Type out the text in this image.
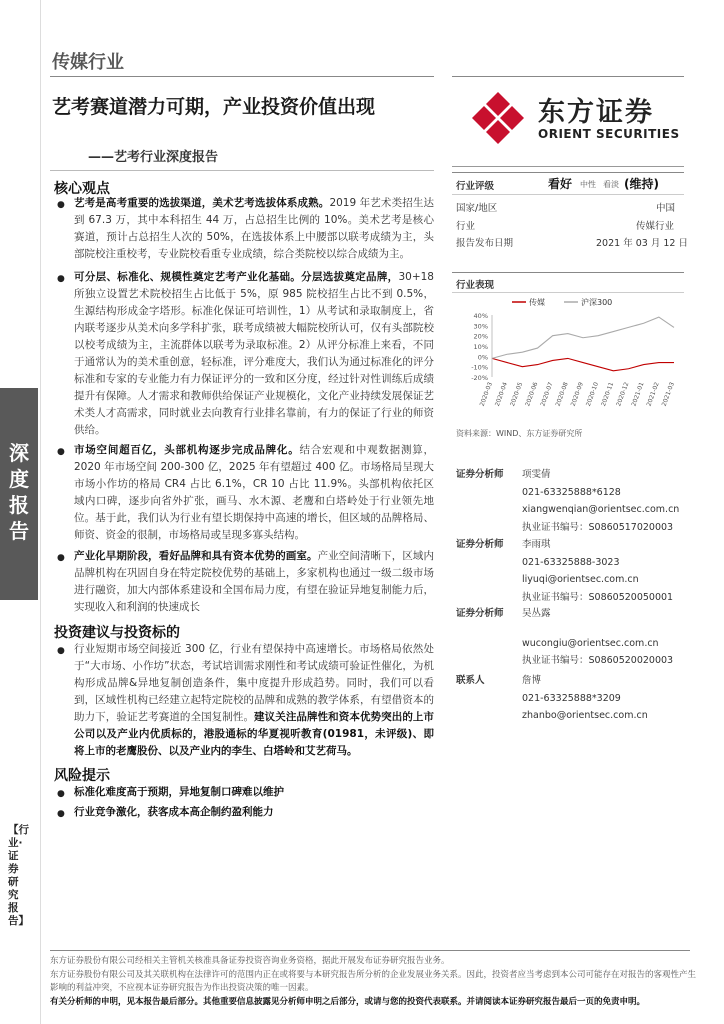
传媒行业
艺考赛道潜力可期，产业投资价值出现
——艺考行业深度报告
东方证券
ORIENT SECURITIES
深度报告
【行业·证券研究报告】
核心观点
● 艺考是高考重要的选拔渠道，美术艺考选拔体系成熟。2019 年艺术类招生达到 67.3 万，其中本科招生 44 万，占总招生比例的 10%。美术艺考是核心赛道，预计占总招生人次的 50%，在选拔体系上中腰部以联考成绩为主，头部院校注重校考，专业院校看重专业成绩，综合类院校以综合成绩为主。
● 可分层、标准化、规模性奠定艺考产业化基础。分层选拔奠定品牌，30+18 所独立设置艺术院校招生占比低于 5%，原 985 院校招生占比不到 0.5%，生源结构形成金字塔形。标准化保证可培训性，1）从考试和录取制度上，省内联考逐步从美术向多学科扩张，联考成绩被大幅院校所认可，仅有头部院校以校考成绩为主，主流群体以联考为录取标准。2）从评分标准上来看，不同于通常认为的美术重创意，轻标准，评分难度大，我们认为通过标准化的评分标准和专家的专业能力有力保证评分的一致和区分度，经过针对性训练后成绩提升有保障。人才需求和教师供给保证产业规模化，文化产业持续发展保证艺术类人才高需求，同时就业去向教育行业排名靠前，有力的保证了行业的师资供给。
● 市场空间超百亿，头部机构逐步完成品牌化。结合宏观和中观数据测算，2020 年市场空间 200-300 亿，2025 年有望超过 400 亿。市场格局呈现大市场小作坊的格局 CR4 占比 6.1%，CR 10 占比 11.9%。头部机构依托区域内口碑，逐步向省外扩张，画马、水木源、老鹰和白塔岭处于行业领先地位。基于此，我们认为行业有望长期保持中高速的增长，但区域的品牌格局、师资、资金的很制，市场格局或呈现多寡头结构。
● 产业化早期阶段，看好品牌和具有资本优势的画室。产业空间清晰下，区域内品牌机构在巩固自身在特定院校优势的基础上，多家机构也通过一级二级市场进行融资，加大内部体系建设和全国布局力度，有望在验证异地复制能力后，实现收入和利润的快速成长
投资建议与投资标的
● 行业短期市场空间接近 300 亿，行业有望保持中高速增长。市场格局依然处于“大市场、小作坊”状态，考试培训需求刚性和考试成绩可验证性催化，为机构形成品牌&异地复制创造条件，集中度提升形成趋势。同时，我们可以看到，区域性机构已经建立起特定院校的品牌和成熟的教学体系，有望借资本的助力下，验证艺考赛道的全国复制性。建议关注品牌性和资本优势突出的上市公司以及产业内优质标的，港股通标的华夏视听教育(01981，未评级)、即将上市的老鹰股份、以及产业内的李生、白塔岭和艾艺荷马。
风险提示
● 标准化难度高于预期，异地复制口碑难以维护
● 行业竞争激化，获客成本高企制约盈利能力
行业评级	看好 中性 看淡 (维持)
国家/地区	中国
行业	传媒行业
报告发布日期	2021 年 03 月 12 日
行业表现
传媒	沪深300
40%
30%
20%
10%
0%
-10%
-20%
2020-03 2020-04 2020-05 2020-06 2020-07 2020-08 2020-09 2020-10 2020-11 2020-12 2021-01 2021-02 2021-03
资料来源：WIND、东方证券研究所
证券分析师 项雯倩
021-63325888*6128
xiangwenqian@orientsec.com.cn
执业证书编号：S0860517020003
证券分析师 李雨琪
021-63325888-3023
liyuqi@orientsec.com.cn
执业证书编号：S0860520050001
证券分析师 吴丛露
wucongiu@orientsec.com.cn
执业证书编号：S0860520020003
联系人	詹博
021-63325888*3209
zhanbo@orientsec.com.cn
东方证券股份有限公司经相关主管机关核准具备证券投资咨询业务资格，据此开展发布证券研究报告业务。
东方证券股份有限公司及其关联机构在法律许可的范围内正在或将要与本研究报告所分析的企业发展业务关系。因此，投资者应当考虑到本公司可能存在对报告的客观性产生影响的利益冲突，不应视本证券研究报告为作出投资决策的唯一因素。
有关分析师的申明，见本报告最后部分。其他重要信息披露见分析师申明之后部分，或请与您的投资代表联系。并请阅读本证券研究报告最后一页的免责申明。
